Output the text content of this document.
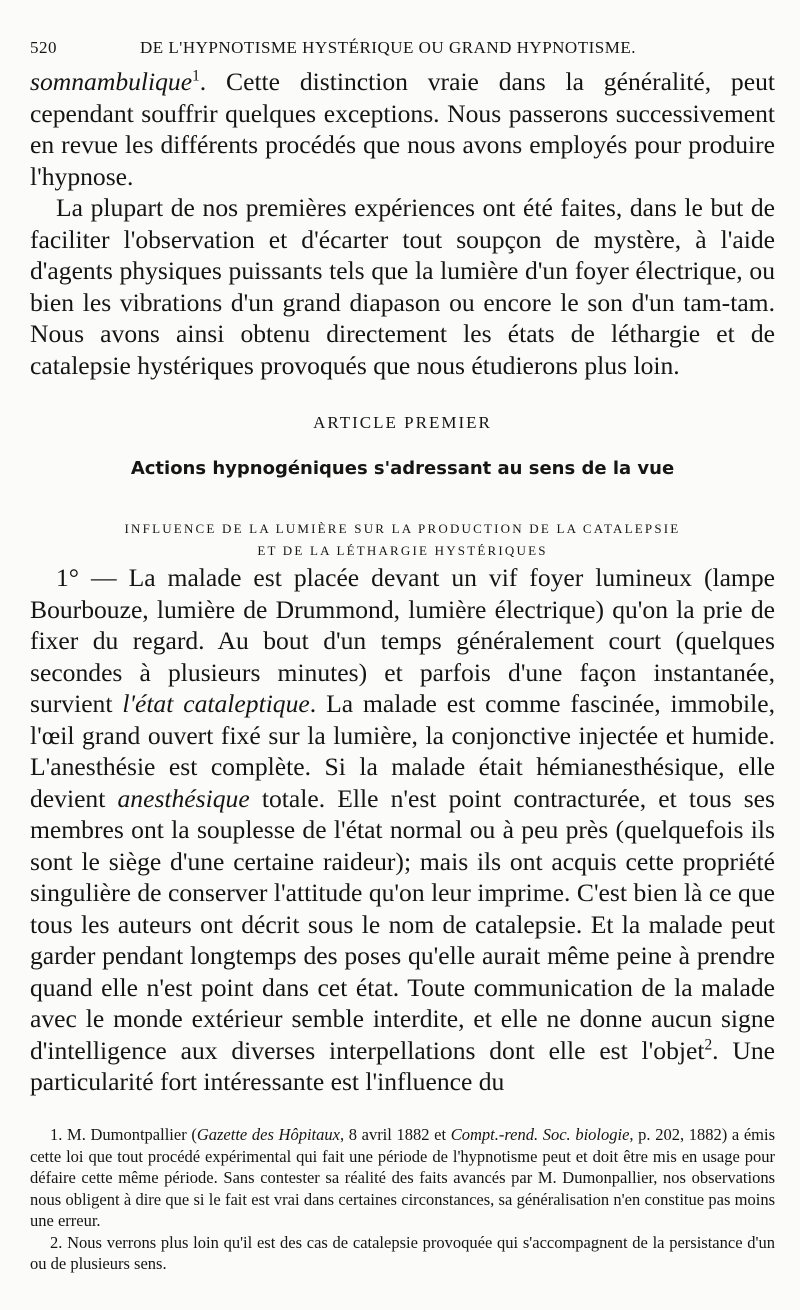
520	DE L'HYPNOTISME HYSTÉRIQUE OU GRAND HYPNOTISME.

somnambulique$^1$. Cette distinction vraie dans la généralité, peut cependant souffrir quelques exceptions. Nous passerons successivement en revue les différents procédés que nous avons employés pour produire l'hypnose.

La plupart de nos premières expériences ont été faites, dans le but de faciliter l'observation et d'écarter tout soupçon de mystère, à l'aide d'agents physiques puissants tels que la lumière d'un foyer électrique, ou bien les vibrations d'un grand diapason ou encore le son d'un tam-tam. Nous avons ainsi obtenu directement les états de léthargie et de catalepsie hystériques provoqués que nous étudierons plus loin.

ARTICLE PREMIER
Actions hypnogéniques s'adressant au sens de la vue
INFLUENCE DE LA LUMIÈRE SUR LA PRODUCTION DE LA CATALEPSIE
ET DE LA LÉTHARGIE HYSTÉRIQUES

1° — La malade est placée devant un vif foyer lumineux (lampe Bourbouze, lumière de Drummond, lumière électrique) qu'on la prie de fixer du regard. Au bout d'un temps généralement court (quelques secondes à plusieurs minutes) et parfois d'une façon instantanée, survient l'état cataleptique. La malade est comme fascinée, immobile, l'œil grand ouvert fixé sur la lumière, la conjonctive injectée et humide. L'anesthésie est complète. Si la malade était hémianesthésique, elle devient anesthésique totale. Elle n'est point contracturée, et tous ses membres ont la souplesse de l'état normal ou à peu près (quelquefois ils sont le siège d'une certaine raideur); mais ils ont acquis cette propriété singulière de conserver l'attitude qu'on leur imprime. C'est bien là ce que tous les auteurs ont décrit sous le nom de catalepsie. Et la malade peut garder pendant longtemps des poses qu'elle aurait même peine à prendre quand elle n'est point dans cet état. Toute communication de la malade avec le monde extérieur semble interdite, et elle ne donne aucun signe d'intelligence aux diverses interpellations dont elle est l'objet$^2$. Une particularité fort intéressante est l'influence du

1. M. Dumontpallier (Gazette des Hôpitaux, 8 avril 1882 et Compt.-rend. Soc. biologie, p. 202, 1882) a émis cette loi que tout procédé expérimental qui fait une période de l'hypnotisme peut et doit être mis en usage pour défaire cette même période. Sans contester sa réalité des faits avancés par M. Dumonpallier, nos observations nous obligent à dire que si le fait est vrai dans certaines circonstances, sa généralisation n'en constitue pas moins une erreur.

2. Nous verrons plus loin qu'il est des cas de catalepsie provoquée qui s'accompagnent de la persistance d'un ou de plusieurs sens.
